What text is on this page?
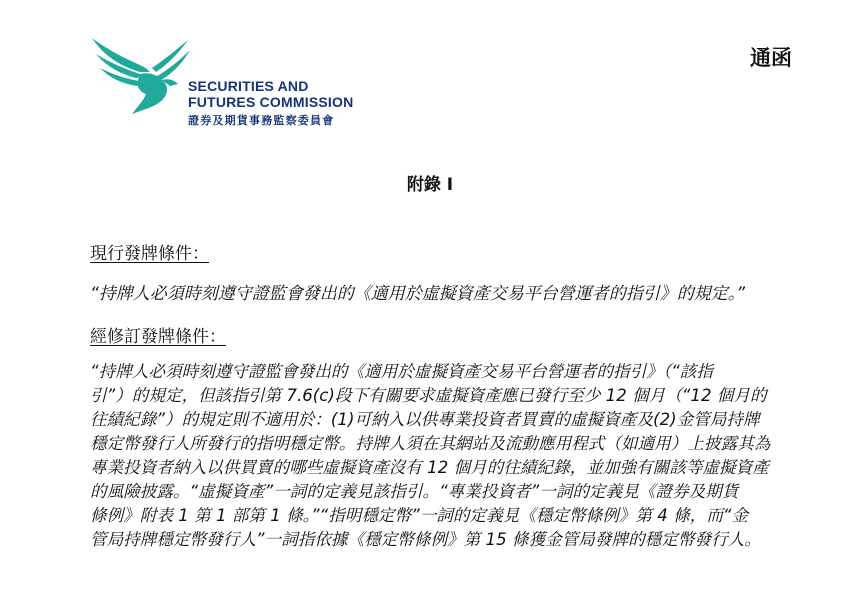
SECURITIES AND
FUTURES COMMISSION
證券及期貨事務監察委員會
通函
附錄 I
現行發牌條件：
“持牌人必須時刻遵守證監會發出的《適用於虛擬資產交易平台營運者的指引》的規定。”
經修訂發牌條件：
“持牌人必須時刻遵守證監會發出的《適用於虛擬資產交易平台營運者的指引》（“該指
引”）的規定，但該指引第 7.6(c)段下有關要求虛擬資產應已發行至少 12 個月（“12 個月的
往績紀錄”）的規定則不適用於：(1)可納入以供專業投資者買賣的虛擬資產及(2)金管局持牌
穩定幣發行人所發行的指明穩定幣。持牌人須在其網站及流動應用程式（如適用）上披露其為
專業投資者納入以供買賣的哪些虛擬資產沒有 12 個月的往績紀錄，並加強有關該等虛擬資產
的風險披露。“虛擬資產”一詞的定義見該指引。“專業投資者”一詞的定義見《證券及期貨
條例》附表 1 第 1 部第 1 條。”“指明穩定幣”一詞的定義見《穩定幣條例》第 4 條，而“金
管局持牌穩定幣發行人”一詞指依據《穩定幣條例》第 15 條獲金管局發牌的穩定幣發行人。
